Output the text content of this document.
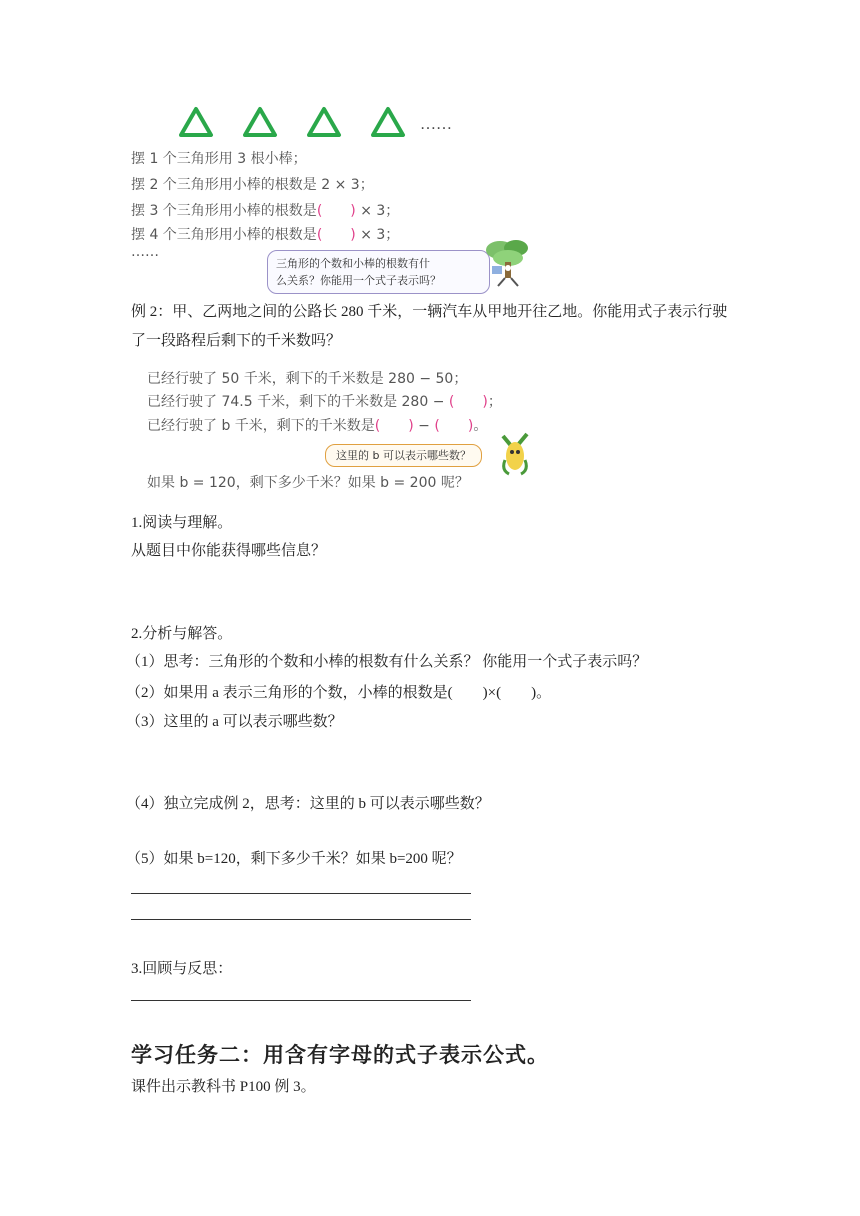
……
摆 1 个三角形用 3 根小棒；
摆 2 个三角形用小棒的根数是 2 × 3；
摆 3 个三角形用小棒的根数是(　　) × 3；
摆 4 个三角形用小棒的根数是(　　) × 3；
……
三角形的个数和小棒的根数有什
么关系？你能用一个式子表示吗？
例 2：甲、乙两地之间的公路长 280 千米，一辆汽车从甲地开往乙地。你能用式子表示行驶
了一段路程后剩下的千米数吗？
已经行驶了 50 千米，剩下的千米数是 280 − 50；
已经行驶了 74.5 千米，剩下的千米数是 280 − (　　)；
已经行驶了 b 千米，剩下的千米数是(　　) − (　　)。
这里的 b 可以表示哪些数？
如果 b = 120，剩下多少千米？如果 b = 200 呢？
1.阅读与理解。
从题目中你能获得哪些信息？
2.分析与解答。
（1）思考：三角形的个数和小棒的根数有什么关系？ 你能用一个式子表示吗？
（2）如果用 a 表示三角形的个数，小棒的根数是(　　)×(　　)。
（3）这里的 a 可以表示哪些数？
（4）独立完成例 2，思考：这里的 b 可以表示哪些数？
（5）如果 b=120，剩下多少千米？如果 b=200 呢？
3.回顾与反思：
学习任务二：用含有字母的式子表示公式。
课件出示教科书 P100 例 3。
